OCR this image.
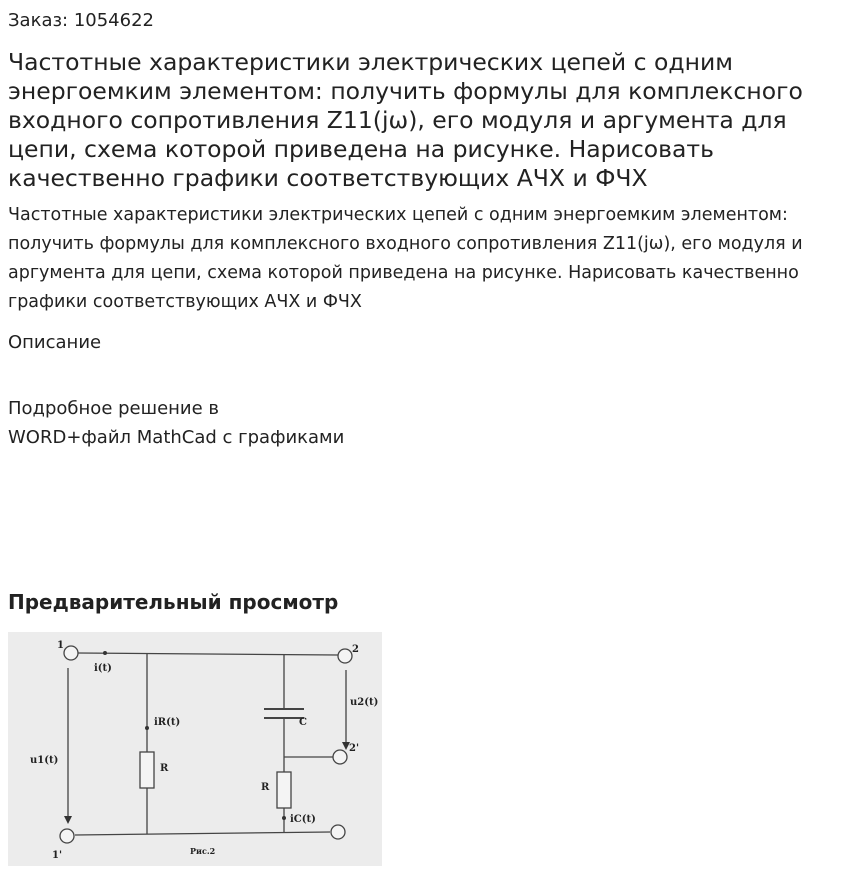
Заказ: 1054622
Частотные характеристики электрических цепей с одним энергоемким элементом: получить формулы для комплексного входного сопротивления Z11(jω), его модуля и аргумента для цепи, схема которой приведена на рисунке. Нарисовать качественно графики соответствующих АЧХ и ФЧХ
Частотные характеристики электрических цепей с одним энергоемким элементом: получить формулы для комплексного входного сопротивления Z11(jω), его модуля и аргумента для цепи, схема которой приведена на рисунке. Нарисовать качественно графики соответствующих АЧХ и ФЧХ
Описание
Подробное решение в
WORD+файл MathCad с графиками
Предварительный просмотр
1
1'
2
2'
i(t)
iR(t)
iC(t)
u1(t)
u2(t)
R
R
C
Рис.2
